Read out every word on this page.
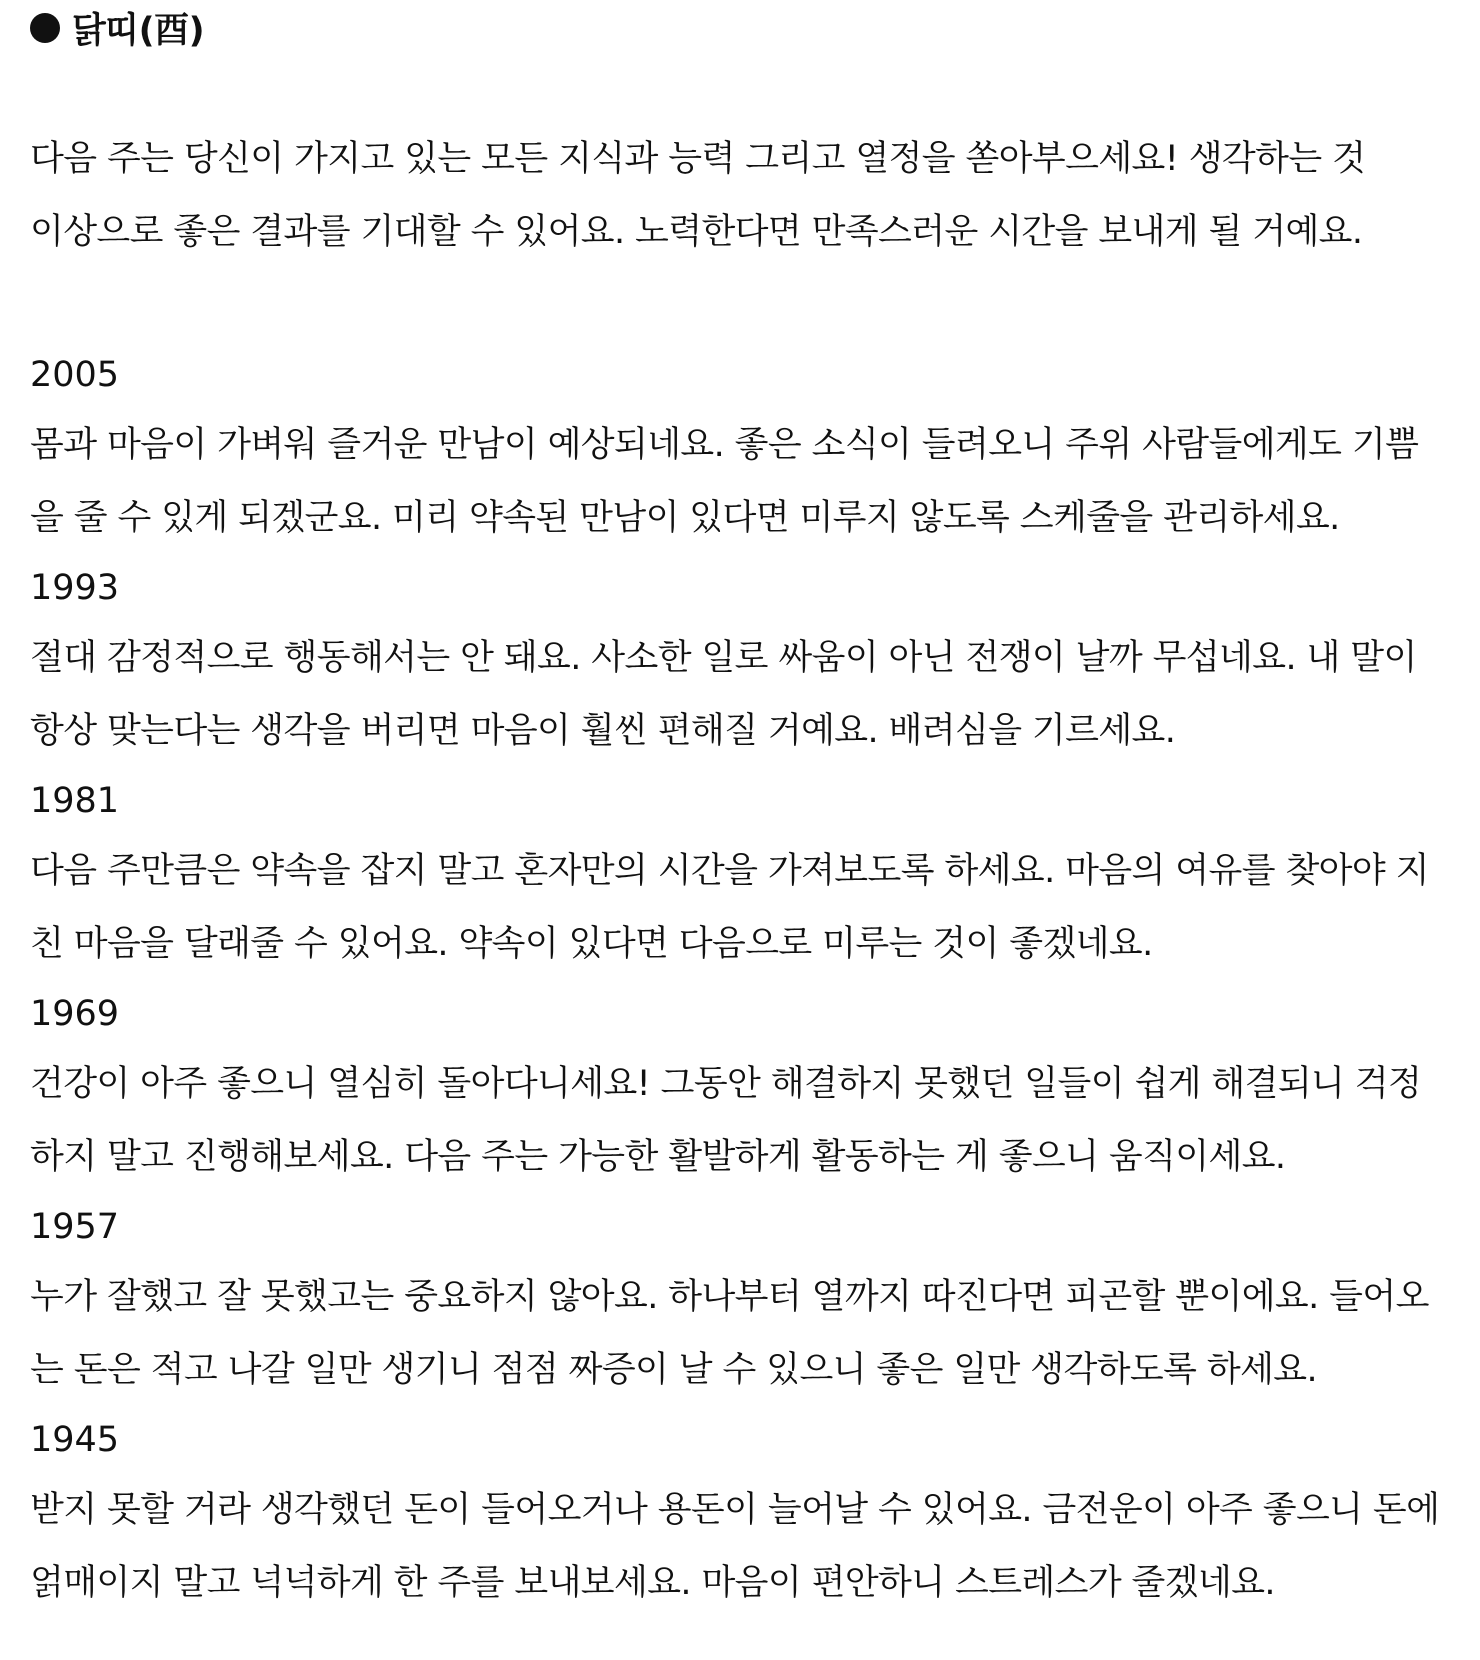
닭띠(酉)
다음 주는 당신이 가지고 있는 모든 지식과 능력 그리고 열정을 쏟아부으세요! 생각하는 것 이상으로 좋은 결과를 기대할 수 있어요. 노력한다면 만족스러운 시간을 보내게 될 거예요.
2005
몸과 마음이 가벼워 즐거운 만남이 예상되네요. 좋은 소식이 들려오니 주위 사람들에게도 기쁨을 줄 수 있게 되겠군요. 미리 약속된 만남이 있다면 미루지 않도록 스케줄을 관리하세요.
1993
절대 감정적으로 행동해서는 안 돼요. 사소한 일로 싸움이 아닌 전쟁이 날까 무섭네요. 내 말이 항상 맞는다는 생각을 버리면 마음이 훨씬 편해질 거예요. 배려심을 기르세요.
1981
다음 주만큼은 약속을 잡지 말고 혼자만의 시간을 가져보도록 하세요. 마음의 여유를 찾아야 지친 마음을 달래줄 수 있어요. 약속이 있다면 다음으로 미루는 것이 좋겠네요.
1969
건강이 아주 좋으니 열심히 돌아다니세요! 그동안 해결하지 못했던 일들이 쉽게 해결되니 걱정하지 말고 진행해보세요. 다음 주는 가능한 활발하게 활동하는 게 좋으니 움직이세요.
1957
누가 잘했고 잘 못했고는 중요하지 않아요. 하나부터 열까지 따진다면 피곤할 뿐이에요. 들어오는 돈은 적고 나갈 일만 생기니 점점 짜증이 날 수 있으니 좋은 일만 생각하도록 하세요.
1945
받지 못할 거라 생각했던 돈이 들어오거나 용돈이 늘어날 수 있어요. 금전운이 아주 좋으니 돈에 얽매이지 말고 넉넉하게 한 주를 보내보세요. 마음이 편안하니 스트레스가 줄겠네요.
